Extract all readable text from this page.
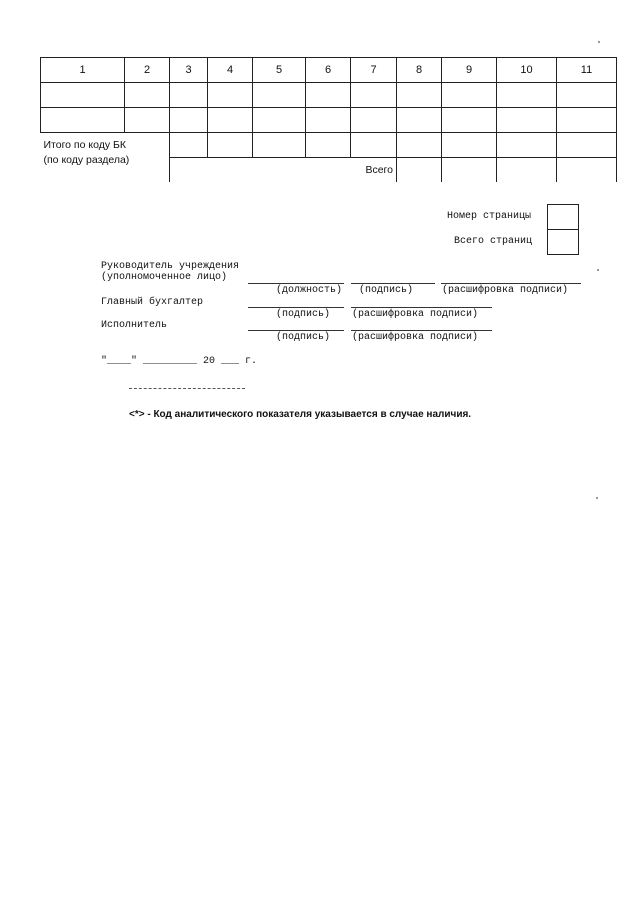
1	2	3	4	5	6	7	8	9	10	11

Итого по коду БК
(по коду раздела)										

		Всего								
Номер страницы
Всего страниц
Руководитель учреждения
(уполномоченное лицо)
(должность) (подпись)	(расшифровка подписи)
Главный бухгалтер
(подпись) (расшифровка подписи)
Исполнитель
(подпись) (расшифровка подписи)
"____" _________ 20 ___ г.
<*> - Код аналитического показателя указывается в случае наличия.
